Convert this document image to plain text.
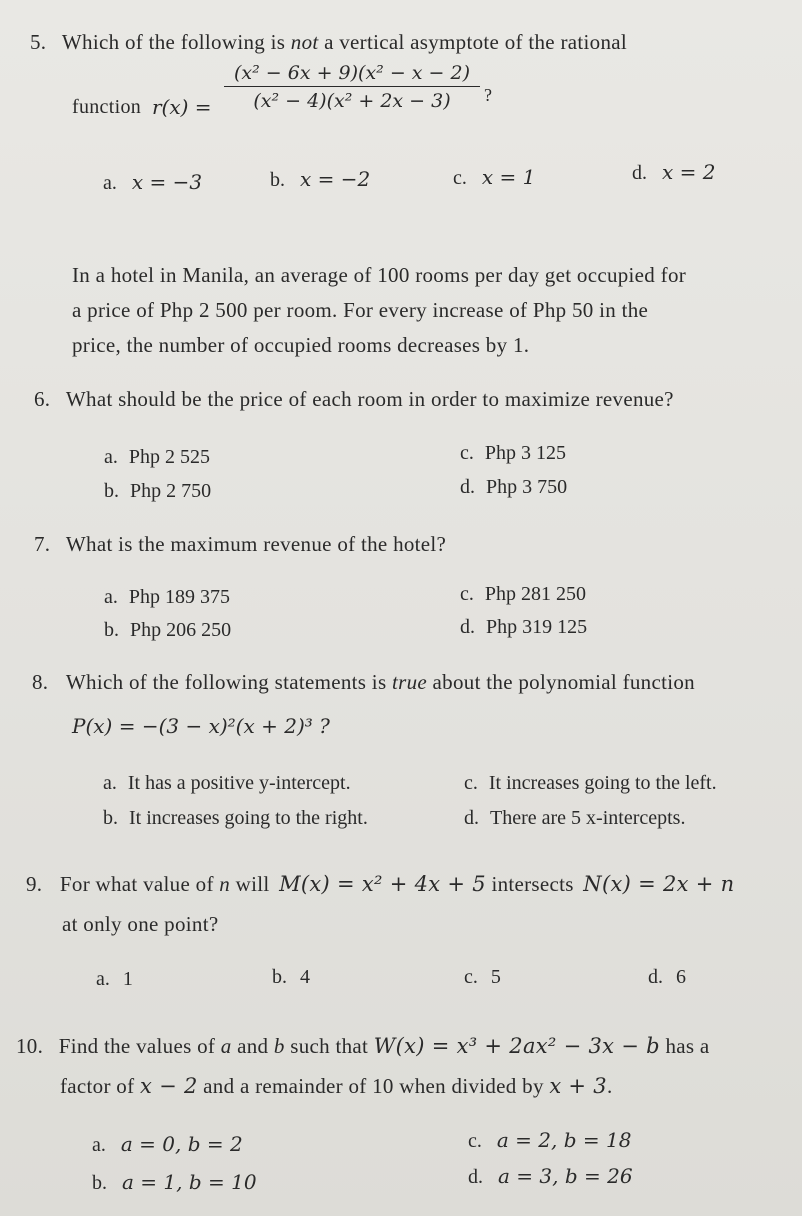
5. Which of the following is not a vertical asymptote of the rational
function $r(x) = \frac{\text{(x² − 6x + 9)(x² − x − 2)}}{\text{(x² − 4)(x² + 2x − 3)}}$ ?
a. x = −3	b. x = −2	c. x = 1	d. x = 2
In a hotel in Manila, an average of 100 rooms per day get occupied for
a price of Php 2 500 per room. For every increase of Php 50 in the
price, the number of occupied rooms decreases by 1.
6. What should be the price of each room in order to maximize revenue?
a. Php 2 525
b. Php 2 750
c. Php 3 125
d. Php 3 750
7. What is the maximum revenue of the hotel?
a. Php 189 375
b. Php 206 250
c. Php 281 250
d. Php 319 125
8. Which of the following statements is true about the polynomial function
P(x) = −(3 − x)²(x + 2)³ ?
a. It has a positive y-intercept.
b. It increases going to the right.
c. It increases going to the left.
d. There are 5 x-intercepts.
9. For what value of n will M(x) = x² + 4x + 5 intersects N(x) = 2x + n
at only one point?
a. 1	b. 4	c. 5	d. 6
10. Find the values of a and b such that W(x) = x³ + 2ax² − 3x − b has a
factor of x − 2 and a remainder of 10 when divided by x + 3.
a. a = 0, b = 2
b. a = 1, b = 10
c. a = 2, b = 18
d. a = 3, b = 26
